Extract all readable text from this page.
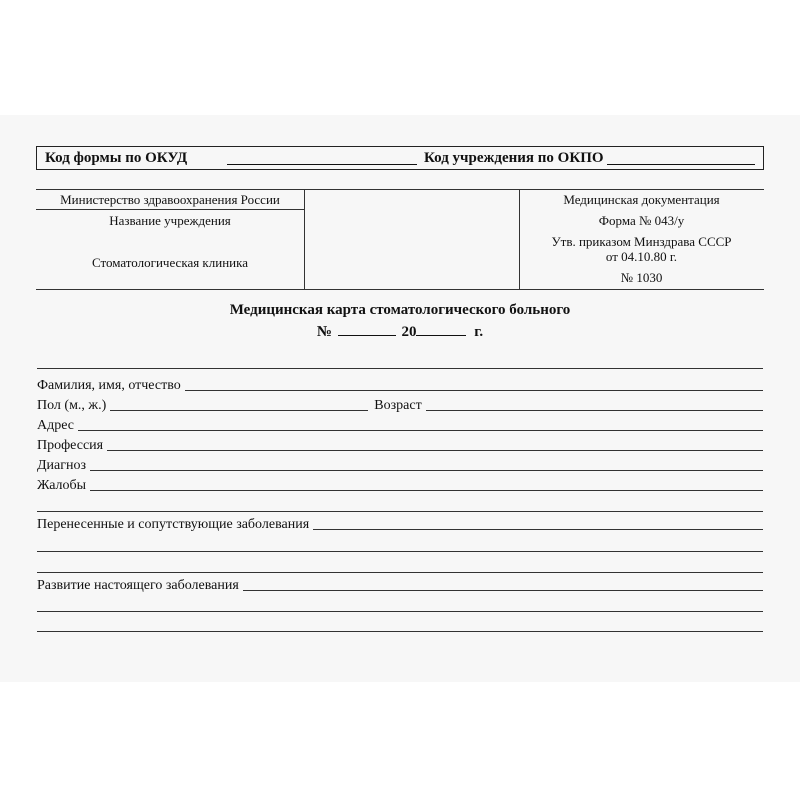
Код формы по ОКУД	Код учреждения по ОКПО
Министерство здравоохранения России
Название учреждения
Стоматологическая клиника
Медицинская документация
Форма № 043/у
Утв. приказом Минздрава СССР
от 04.10.80 г.
№ 1030
Медицинская карта стоматологического больного
№	20	г.
Фамилия, имя, отчество
Пол (м., ж.)	Возраст
Адрес
Профессия
Диагноз
Жалобы
Перенесенные и сопутствующие заболевания
Развитие настоящего заболевания
